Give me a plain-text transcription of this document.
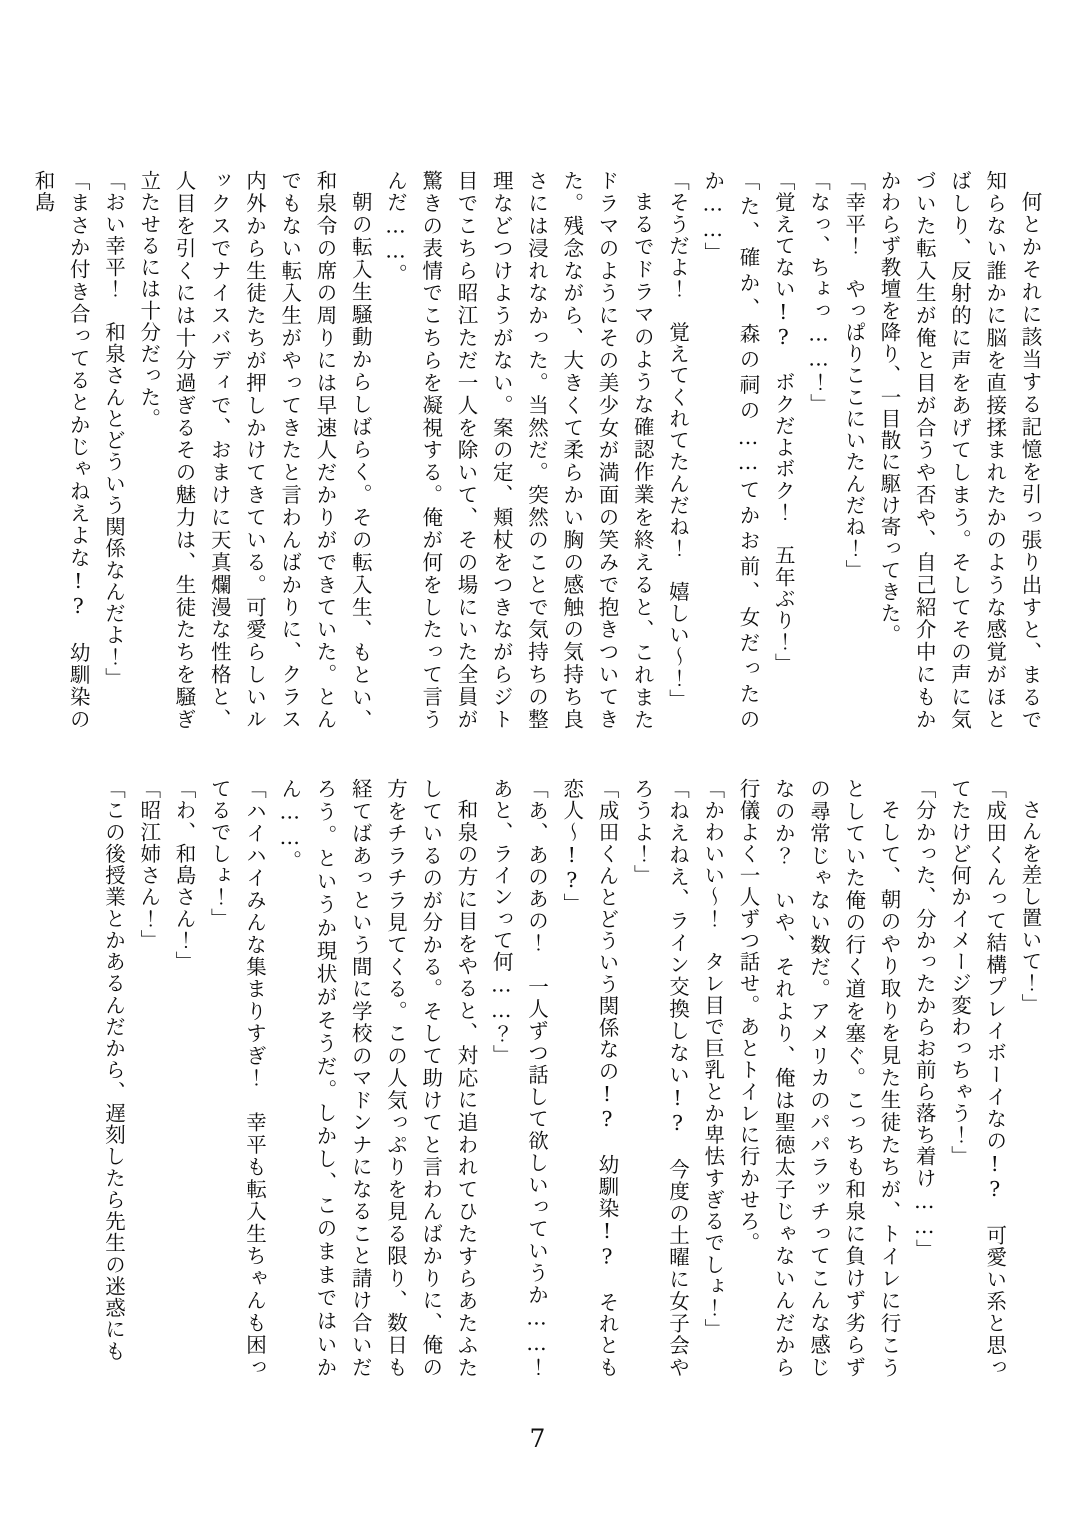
何とかそれに該当する記憶を引っ張り出すと、まるで知らない誰かに脳を直接揉まれたかのような感覚がほとばしり、反射的に声をあげてしまう。そしてその声に気づいた転入生が俺と目が合うや否や、自己紹介中にもかかわらず教壇を降り、一目散に駆け寄ってきた。

「幸平！　やっぱりここにいたんだね！」

「なっ、ちょっ……！」

「覚えてない!?　ボクだよボク！　五年ぶり！」

「た、確か、森の祠の……てかお前、女だったのか……」

「そうだよ！　覚えてくれてたんだね！　嬉しい～！」

まるでドラマのような確認作業を終えると、これまたドラマのようにその美少女が満面の笑みで抱きついてきた。残念ながら、大きくて柔らかい胸の感触の気持ち良さには浸れなかった。当然だ。突然のことで気持ちの整理などつけようがない。案の定、頬杖をつきながらジト目でこちら昭江ただ一人を除いて、その場にいた全員が驚きの表情でこちらを凝視する。俺が何をしたって言うんだ……。

朝の転入生騒動からしばらく。その転入生、もとい、和泉令の席の周りには早速人だかりができていた。とんでもない転入生がやってきたと言わんばかりに、クラス内外から生徒たちが押しかけてきている。可愛らしいルックスでナイスバディで、おまけに天真爛漫な性格と、人目を引くには十分過ぎるその魅力は、生徒たちを騒ぎ立たせるには十分だった。

「おい幸平！　和泉さんとどういう関係なんだよ！」

「まさか付き合ってるとかじゃねえよな!?　幼馴染の和島

さんを差し置いて！」

「成田くんって結構プレイボーイなの!?　可愛い系と思ってたけど何かイメージ変わっちゃう！」

「分かった、分かったからお前ら落ち着け……」

そして、朝のやり取りを見た生徒たちが、トイレに行こうとしていた俺の行く道を塞ぐ。こっちも和泉に負けず劣らずの尋常じゃない数だ。アメリカのパパラッチってこんな感じなのか？　いや、それより、俺は聖徳太子じゃないんだから行儀よく一人ずつ話せ。あとトイレに行かせろ。

「かわいい～！　タレ目で巨乳とか卑怯すぎるでしょ！」

「ねえねえ、ライン交換しない!?　今度の土曜に女子会やろうよ！」

「成田くんとどういう関係なの!?　幼馴染!?　それとも恋人～!?」

「あ、あのあの！　一人ずつ話して欲しいっていうか……！　あと、ラインって何……？」

和泉の方に目をやると、対応に追われてひたすらあたふたしているのが分かる。そして助けてと言わんばかりに、俺の方をチラチラ見てくる。この人気っぷりを見る限り、数日も経てばあっという間に学校のマドンナになること請け合いだろう。というか現状がそうだ。しかし、このままではいかん……。

「ハイハイみんな集まりすぎ！　幸平も転入生ちゃんも困ってるでしょ！」

「わ、和島さん！」

「昭江姉さん！」

「この後授業とかあるんだから、遅刻したら先生の迷惑にも

7
